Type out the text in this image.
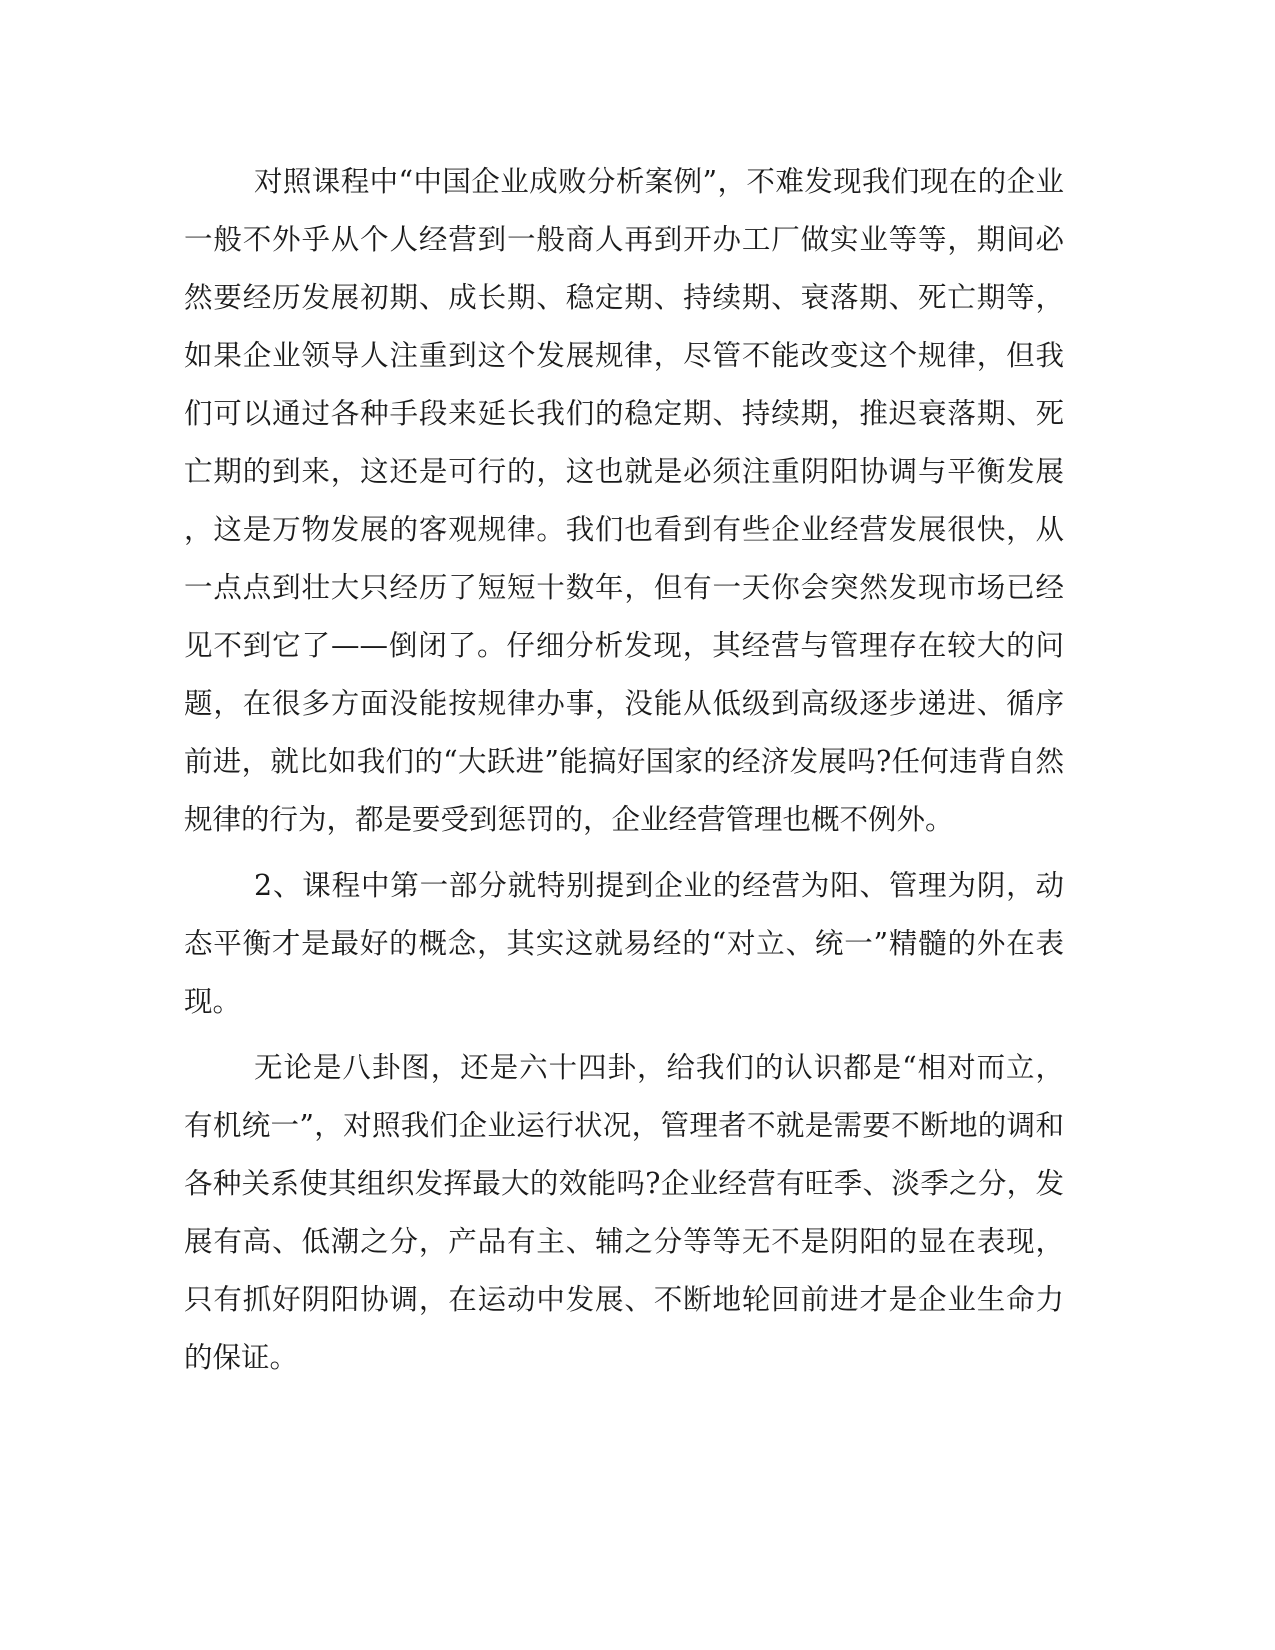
对照课程中“中国企业成败分析案例”，不难发现我们现在的企业
一般不外乎从个人经营到一般商人再到开办工厂做实业等等，期间必
然要经历发展初期、成长期、稳定期、持续期、衰落期、死亡期等，
如果企业领导人注重到这个发展规律，尽管不能改变这个规律，但我
们可以通过各种手段来延长我们的稳定期、持续期，推迟衰落期、死
亡期的到来，这还是可行的，这也就是必须注重阴阳协调与平衡发展
，这是万物发展的客观规律。我们也看到有些企业经营发展很快，从
一点点到壮大只经历了短短十数年，但有一天你会突然发现市场已经
见不到它了——倒闭了。仔细分析发现，其经营与管理存在较大的问
题，在很多方面没能按规律办事，没能从低级到高级逐步递进、循序
前进，就比如我们的“大跃进”能搞好国家的经济发展吗?任何违背自然
规律的行为，都是要受到惩罚的，企业经营管理也概不例外。
2、课程中第一部分就特别提到企业的经营为阳、管理为阴，动
态平衡才是最好的概念，其实这就易经的“对立、统一”精髓的外在表
现。
无论是八卦图，还是六十四卦，给我们的认识都是“相对而立，
有机统一”，对照我们企业运行状况，管理者不就是需要不断地的调和
各种关系使其组织发挥最大的效能吗?企业经营有旺季、淡季之分，发
展有高、低潮之分，产品有主、辅之分等等无不是阴阳的显在表现，
只有抓好阴阳协调，在运动中发展、不断地轮回前进才是企业生命力
的保证。
